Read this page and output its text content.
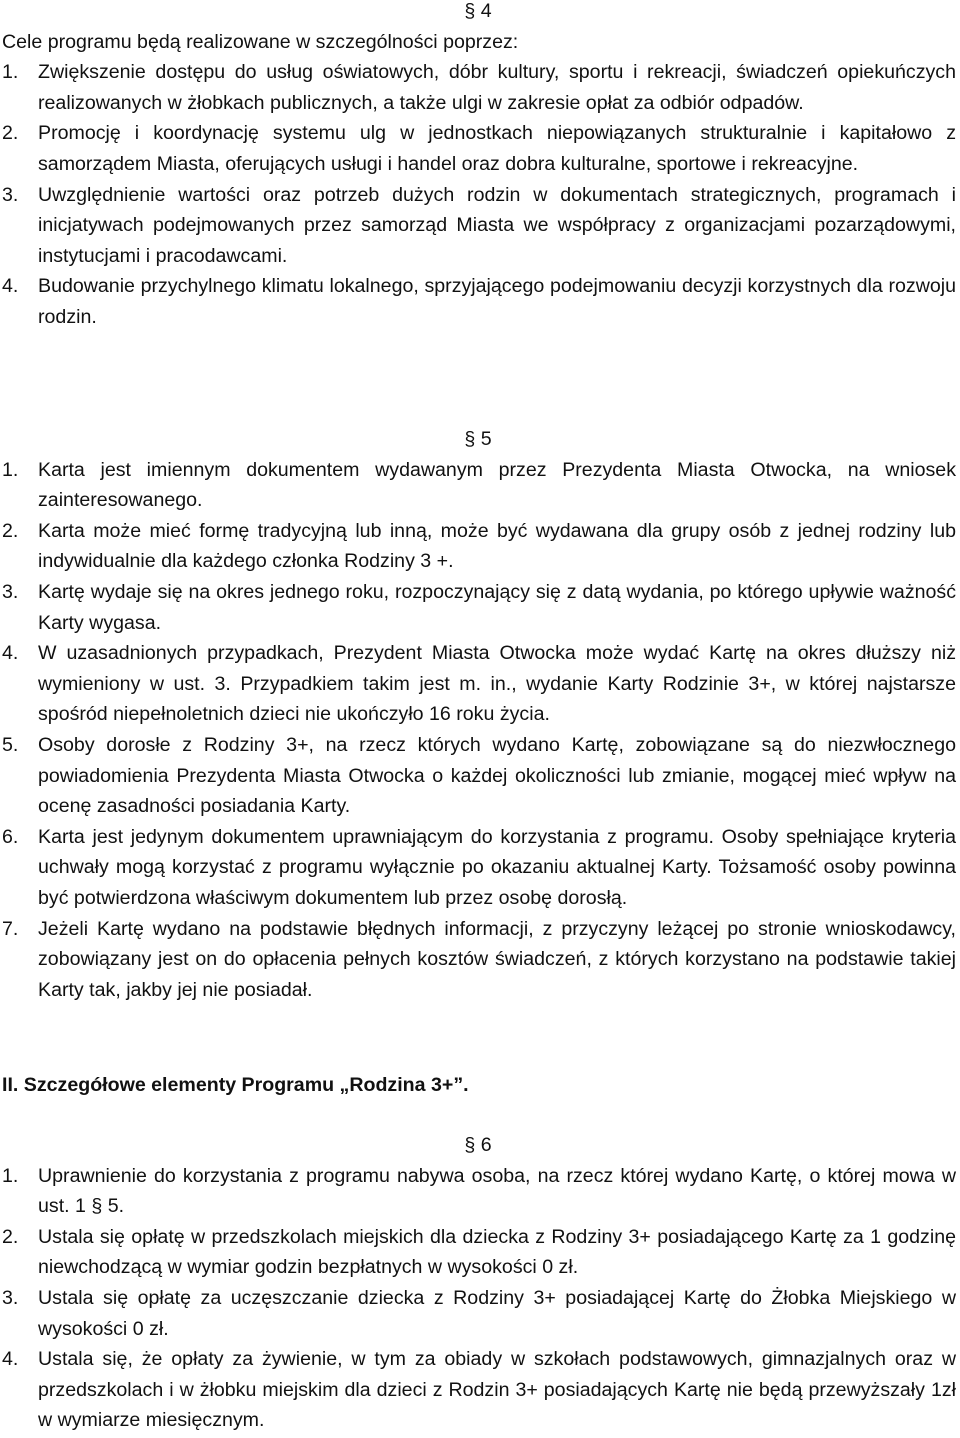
§ 4

Cele programu będą realizowane w szczególności poprzez:

1. Zwiększenie dostępu do usług oświatowych, dóbr kultury, sportu i rekreacji, świadczeń opiekuńczych realizowanych w żłobkach publicznych, a także ulgi w zakresie opłat za odbiór odpadów.
2. Promocję i koordynację systemu ulg w jednostkach niepowiązanych strukturalnie i kapitałowo z samorządem Miasta, oferujących usługi i handel oraz dobra kulturalne, sportowe i rekreacyjne.
3. Uwzględnienie wartości oraz potrzeb dużych rodzin w dokumentach strategicznych, programach i inicjatywach podejmowanych przez samorząd Miasta we współpracy z organizacjami pozarządowymi, instytucjami i pracodawcami.
4. Budowanie przychylnego klimatu lokalnego, sprzyjającego podejmowaniu decyzji korzystnych dla rozwoju rodzin.

§ 5

1. Karta jest imiennym dokumentem wydawanym przez Prezydenta Miasta Otwocka, na wniosek zainteresowanego.
2. Karta może mieć formę tradycyjną lub inną, może być wydawana dla grupy osób z jednej rodziny lub indywidualnie dla każdego członka Rodziny 3 +.
3. Kartę wydaje się na okres jednego roku, rozpoczynający się z datą wydania, po którego upływie ważność Karty wygasa.
4. W uzasadnionych przypadkach, Prezydent Miasta Otwocka może wydać Kartę na okres dłuższy niż wymieniony w ust. 3. Przypadkiem takim jest m. in., wydanie Karty Rodzinie 3+, w której najstarsze spośród niepełnoletnich dzieci nie ukończyło 16 roku życia.
5. Osoby dorosłe z Rodziny 3+, na rzecz których wydano Kartę, zobowiązane są do niezwłocznego powiadomienia Prezydenta Miasta Otwocka o każdej okoliczności lub zmianie, mogącej mieć wpływ na ocenę zasadności posiadania Karty.
6. Karta jest jedynym dokumentem uprawniającym do korzystania z programu. Osoby spełniające kryteria uchwały mogą korzystać z programu wyłącznie po okazaniu aktualnej Karty. Tożsamość osoby powinna być potwierdzona właściwym dokumentem lub przez osobę dorosłą.
7. Jeżeli Kartę wydano na podstawie błędnych informacji, z przyczyny leżącej po stronie wnioskodawcy, zobowiązany jest on do opłacenia pełnych kosztów świadczeń, z których korzystano na podstawie takiej Karty tak, jakby jej nie posiadał.

II. Szczegółowe elementy Programu „Rodzina 3+”.

§ 6

1. Uprawnienie do korzystania z programu nabywa osoba, na rzecz której wydano Kartę, o której mowa w ust. 1 § 5.
2. Ustala się opłatę w przedszkolach miejskich dla dziecka z Rodziny 3+ posiadającego Kartę za 1 godzinę niewchodzącą w wymiar godzin bezpłatnych w wysokości 0 zł.
3. Ustala się opłatę za uczęszczanie dziecka z Rodziny 3+ posiadającej Kartę do Żłobka Miejskiego w wysokości 0 zł.
4. Ustala się, że opłaty za żywienie, w tym za obiady w szkołach podstawowych, gimnazjalnych oraz w przedszkolach i w żłobku miejskim dla dzieci z Rodzin 3+ posiadających Kartę nie będą przewyższały 1zł w wymiarze miesięcznym.
